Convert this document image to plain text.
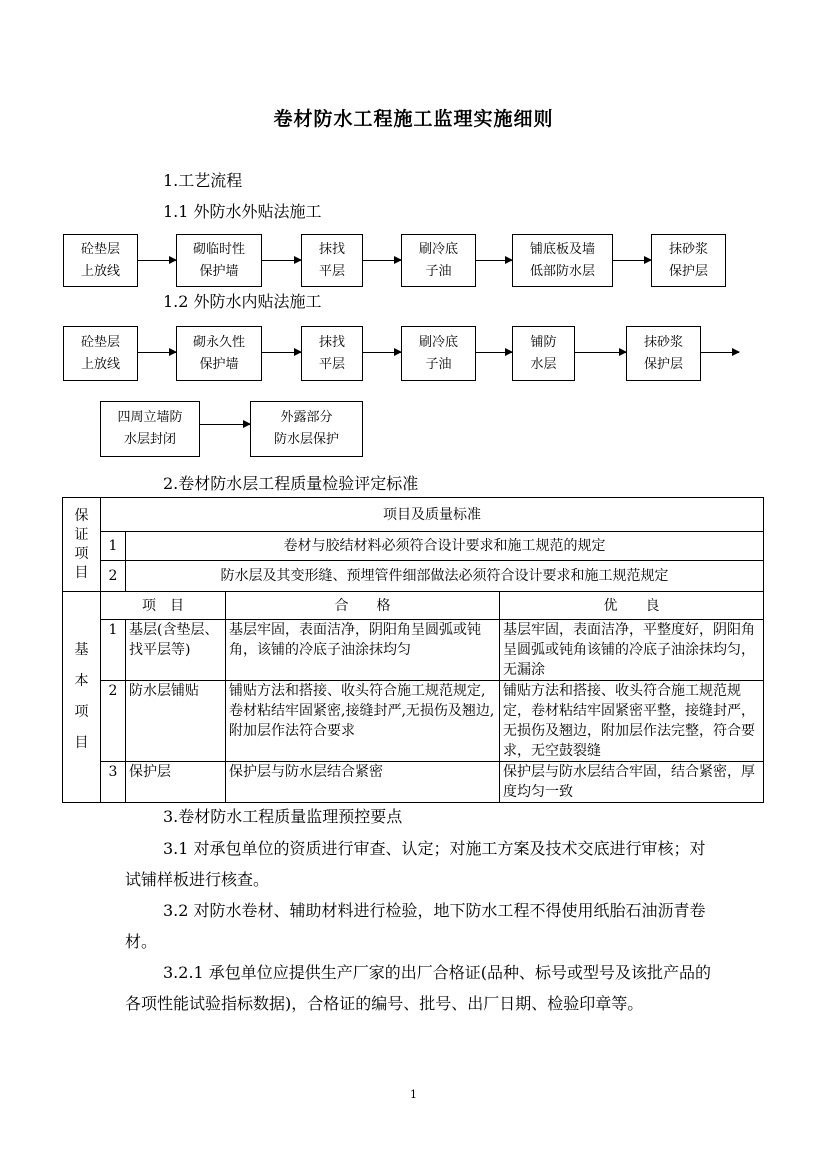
卷材防水工程施工监理实施细则
1.工艺流程
1.1 外防水外贴法施工
砼垫层
上放线
砌临时性
保护墙
抹找
平层
刷冷底
子油
铺底板及墙
低部防水层
抹砂浆
保护层
1.2 外防水内贴法施工
砼垫层
上放线
砌永久性
保护墙
抹找
平层
刷冷底
子油
铺防
水层
抹砂浆
保护层
四周立墙防
水层封闭
外露部分
防水层保护
2.卷材防水层工程质量检验评定标准
保
证
项
目	项目及质量标准			
	1	卷材与胶结材料必须符合设计要求和施工规范的规定		
	2	防水层及其变形缝、预埋管件细部做法必须符合设计要求和施工规范规定		

基
本
项
目	项　目		合　　格	优　　良
	1	基层(含垫层、找平层等)	基层牢固，表面洁净，阴阳角呈圆弧或钝角，该铺的冷底子油涂抹均匀	基层牢固，表面洁净，平整度好，阴阳角呈圆弧或钝角该铺的冷底子油涂抹均匀，无漏涂
	2	防水层铺贴	铺贴方法和搭接、收头符合施工规范规定,卷材粘结牢固紧密,接缝封严,无损伤及翘边,附加层作法符合要求	铺贴方法和搭接、收头符合施工规范规定，卷材粘结牢固紧密平整，接缝封严，无损伤及翘边，附加层作法完整，符合要求，无空鼓裂缝
	3	保护层	保护层与防水层结合紧密	保护层与防水层结合牢固，结合紧密，厚度均匀一致
3.卷材防水工程质量监理预控要点
3.1 对承包单位的资质进行审查、认定；对施工方案及技术交底进行审核；对试铺样板进行核查。
3.2 对防水卷材、辅助材料进行检验，地下防水工程不得使用纸胎石油沥青卷材。
3.2.1 承包单位应提供生产厂家的出厂合格证(品种、标号或型号及该批产品的各项性能试验指标数据)，合格证的编号、批号、出厂日期、检验印章等。
1
